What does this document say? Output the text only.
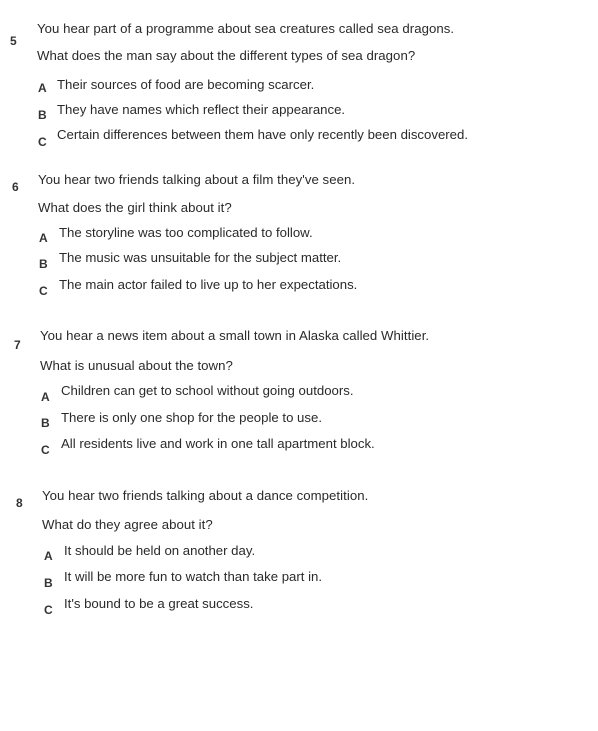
5
You hear part of a programme about sea creatures called sea dragons.
What does the man say about the different types of sea dragon?
A Their sources of food are becoming scarcer.
B They have names which reflect their appearance.
C Certain differences between them have only recently been discovered.
6 You hear two friends talking about a film they've seen.
What does the girl think about it?
A The storyline was too complicated to follow.
B The music was unsuitable for the subject matter.
C The main actor failed to live up to her expectations.
7
You hear a news item about a small town in Alaska called Whittier.
What is unusual about the town?
A Children can get to school without going outdoors.
B There is only one shop for the people to use.
C All residents live and work in one tall apartment block.
8 You hear two friends talking about a dance competition.
What do they agree about it?
A It should be held on another day.
B It will be more fun to watch than take part in.
C It's bound to be a great success.
